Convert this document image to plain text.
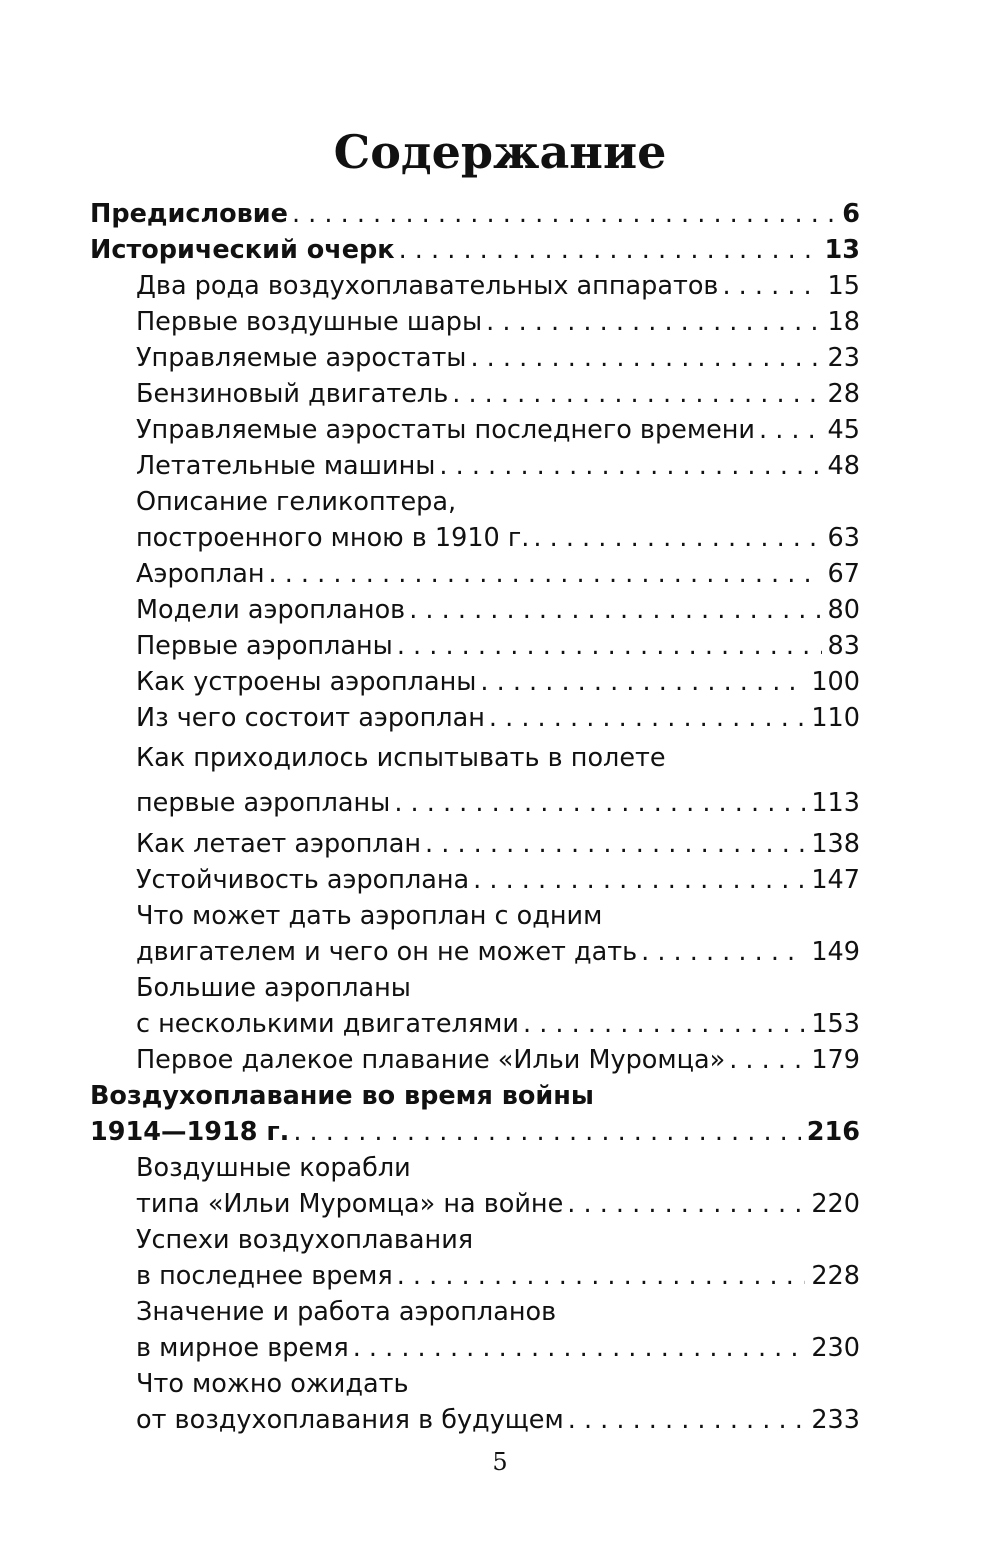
Содержание
Предисловие . . .	6
Исторический очерк . . .	13
Два рода воздухоплавательных аппаратов . . .	15
Первые воздушные шары . . .	18
Управляемые аэростаты . . .	23
Бензиновый двигатель . . .	28
Управляемые аэростаты последнего времени . . .	45
Летательные машины . . .	48
Описание геликоптера,
построенного мною в 1910 г. . . .	63
Аэроплан . . .	67
Модели аэропланов . . .	80
Первые аэропланы . . .	83
Как устроены аэропланы . . .	100
Из чего состоит аэроплан . . .	110
Как приходилось испытывать в полете
первые аэропланы . . .	113
Как летает аэроплан . . .	138
Устойчивость аэроплана . . .	147
Что может дать аэроплан с одним
двигателем и чего он не может дать . . .	149
Большие аэропланы
с несколькими двигателями . . .	153
Первое далекое плавание «Ильи Муромца» . . .	179
Воздухоплавание во время войны
1914—1918 г. . . .	216
Воздушные корабли
типа «Ильи Муромца» на войне . . .	220
Успехи воздухоплавания
в последнее время . . .	228
Значение и работа аэропланов
в мирное время . . .	230
Что можно ожидать
от воздухоплавания в будущем . . .	233
5
